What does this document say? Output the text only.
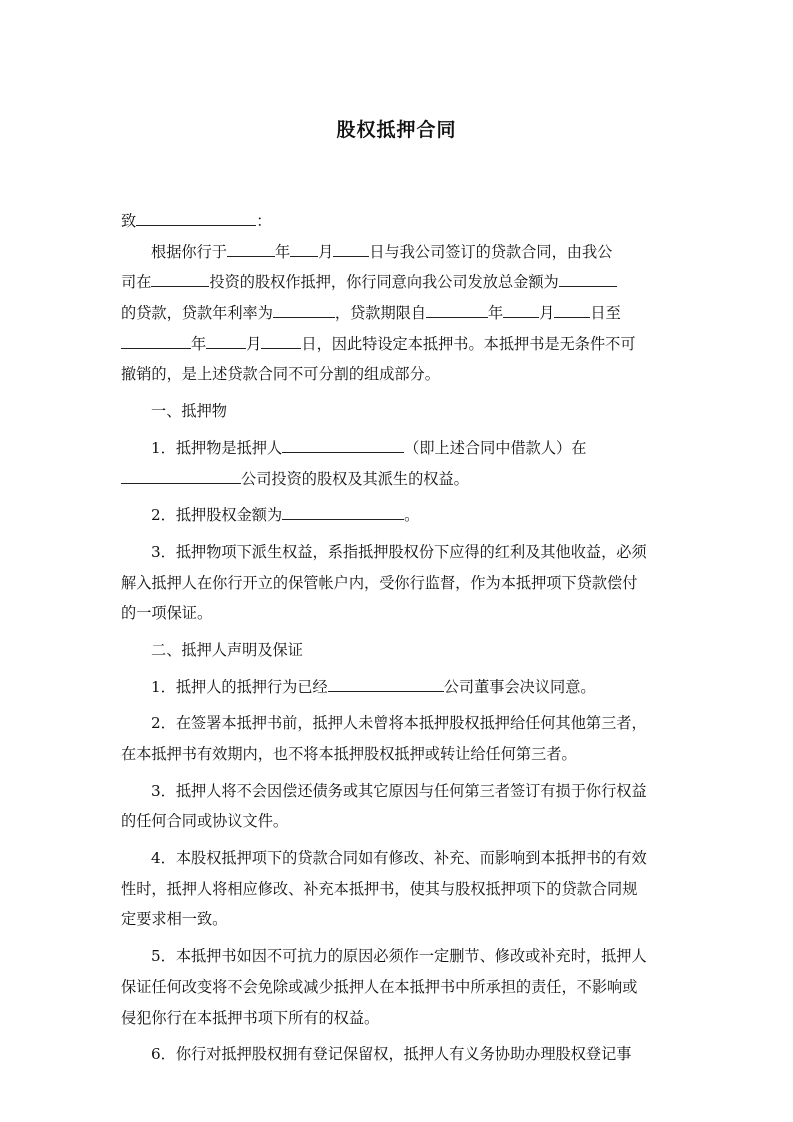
股权抵押合同
致	：
根据你行于	年 月 日与我公司签订的贷款合同，由我公
司在	投资的股权作抵押，你行同意向我公司发放总金额为
的贷款，贷款年利率为	，贷款期限自	年 月 日至
年	月	日，因此特设定本抵押书。本抵押书是无条件不可
撤销的，是上述贷款合同不可分割的组成部分。
一、抵押物
1．抵押物是抵押人	（即上述合同中借款人）在
公司投资的股权及其派生的权益。
2．抵押股权金额为	。
3．抵押物项下派生权益，系指抵押股权份下应得的红利及其他收益，必须
解入抵押人在你行开立的保管帐户内，受你行监督，作为本抵押项下贷款偿付
的一项保证。
二、抵押人声明及保证
1．抵押人的抵押行为已经	公司董事会决议同意。
2．在签署本抵押书前，抵押人未曾将本抵押股权抵押给任何其他第三者，
在本抵押书有效期内，也不将本抵押股权抵押或转让给任何第三者。
3．抵押人将不会因偿还债务或其它原因与任何第三者签订有损于你行权益
的任何合同或协议文件。
4．本股权抵押项下的贷款合同如有修改、补充、而影响到本抵押书的有效
性时，抵押人将相应修改、补充本抵押书，使其与股权抵押项下的贷款合同规
定要求相一致。
5．本抵押书如因不可抗力的原因必须作一定删节、修改或补充时，抵押人
保证任何改变将不会免除或减少抵押人在本抵押书中所承担的责任，不影响或
侵犯你行在本抵押书项下所有的权益。
6．你行对抵押股权拥有登记保留权，抵押人有义务协助办理股权登记事
